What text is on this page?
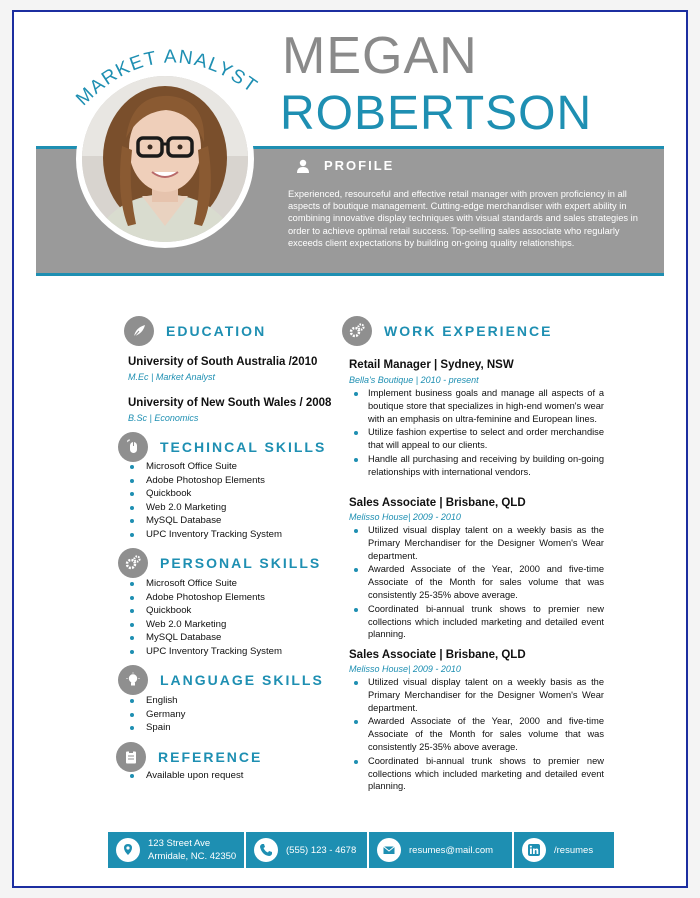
MARKET ANALYST
MEGAN
ROBERTSON
PROFILE
Experienced, resourceful and effective retail manager with proven proficiency in all aspects of boutique management. Cutting-edge merchandiser with expert ability in combining innovative display techniques with visual standards and sales strategies in order to achieve optimal retail success. Top-selling sales associate who regularly exceeds client expectations by building on-going quality relationships.
EDUCATION
University of South Australia /2010
M.Ec | Market Analyst
University of New South Wales / 2008
B.Sc | Economics
TECHINCAL SKILLS
Microsoft Office Suite
Adobe Photoshop Elements
Quickbook
Web 2.0 Marketing
MySQL Database
UPC Inventory Tracking System
PERSONAL SKILLS
Microsoft Office Suite
Adobe Photoshop Elements
Quickbook
Web 2.0 Marketing
MySQL Database
UPC Inventory Tracking System
LANGUAGE SKILLS
English
Germany
Spain
REFERENCE
Available upon request
WORK EXPERIENCE
Retail Manager | Sydney, NSW
Bella's Boutique | 2010 - present
Implement business goals and manage all aspects of a boutique store that specializes in high-end women's wear with an emphasis on ultra-feminine and European lines.
Utilize fashion expertise to select and order merchandise that will appeal to our clients.
Handle all purchasing and receiving by building on-going relationships with international vendors.
Sales Associate | Brisbane, QLD
Melisso House| 2009 - 2010
Utilized visual display talent on a weekly basis as the Primary Merchandiser for the Designer Women's Wear department.
Awarded Associate of the Year, 2000 and five-time Associate of the Month for sales volume that was consistently 25-35% above average.
Coordinated bi-annual trunk shows to premier new collections which included marketing and detailed event planning.
Sales Associate | Brisbane, QLD
Melisso House| 2009 - 2010
Utilized visual display talent on a weekly basis as the Primary Merchandiser for the Designer Women's Wear department.
Awarded Associate of the Year, 2000 and five-time Associate of the Month for sales volume that was consistently 25-35% above average.
Coordinated bi-annual trunk shows to premier new collections which included marketing and detailed event planning.
123 Street Ave
Armidale, NC. 42350
(555) 123 - 4678	resumes@mail.com	/resumes
